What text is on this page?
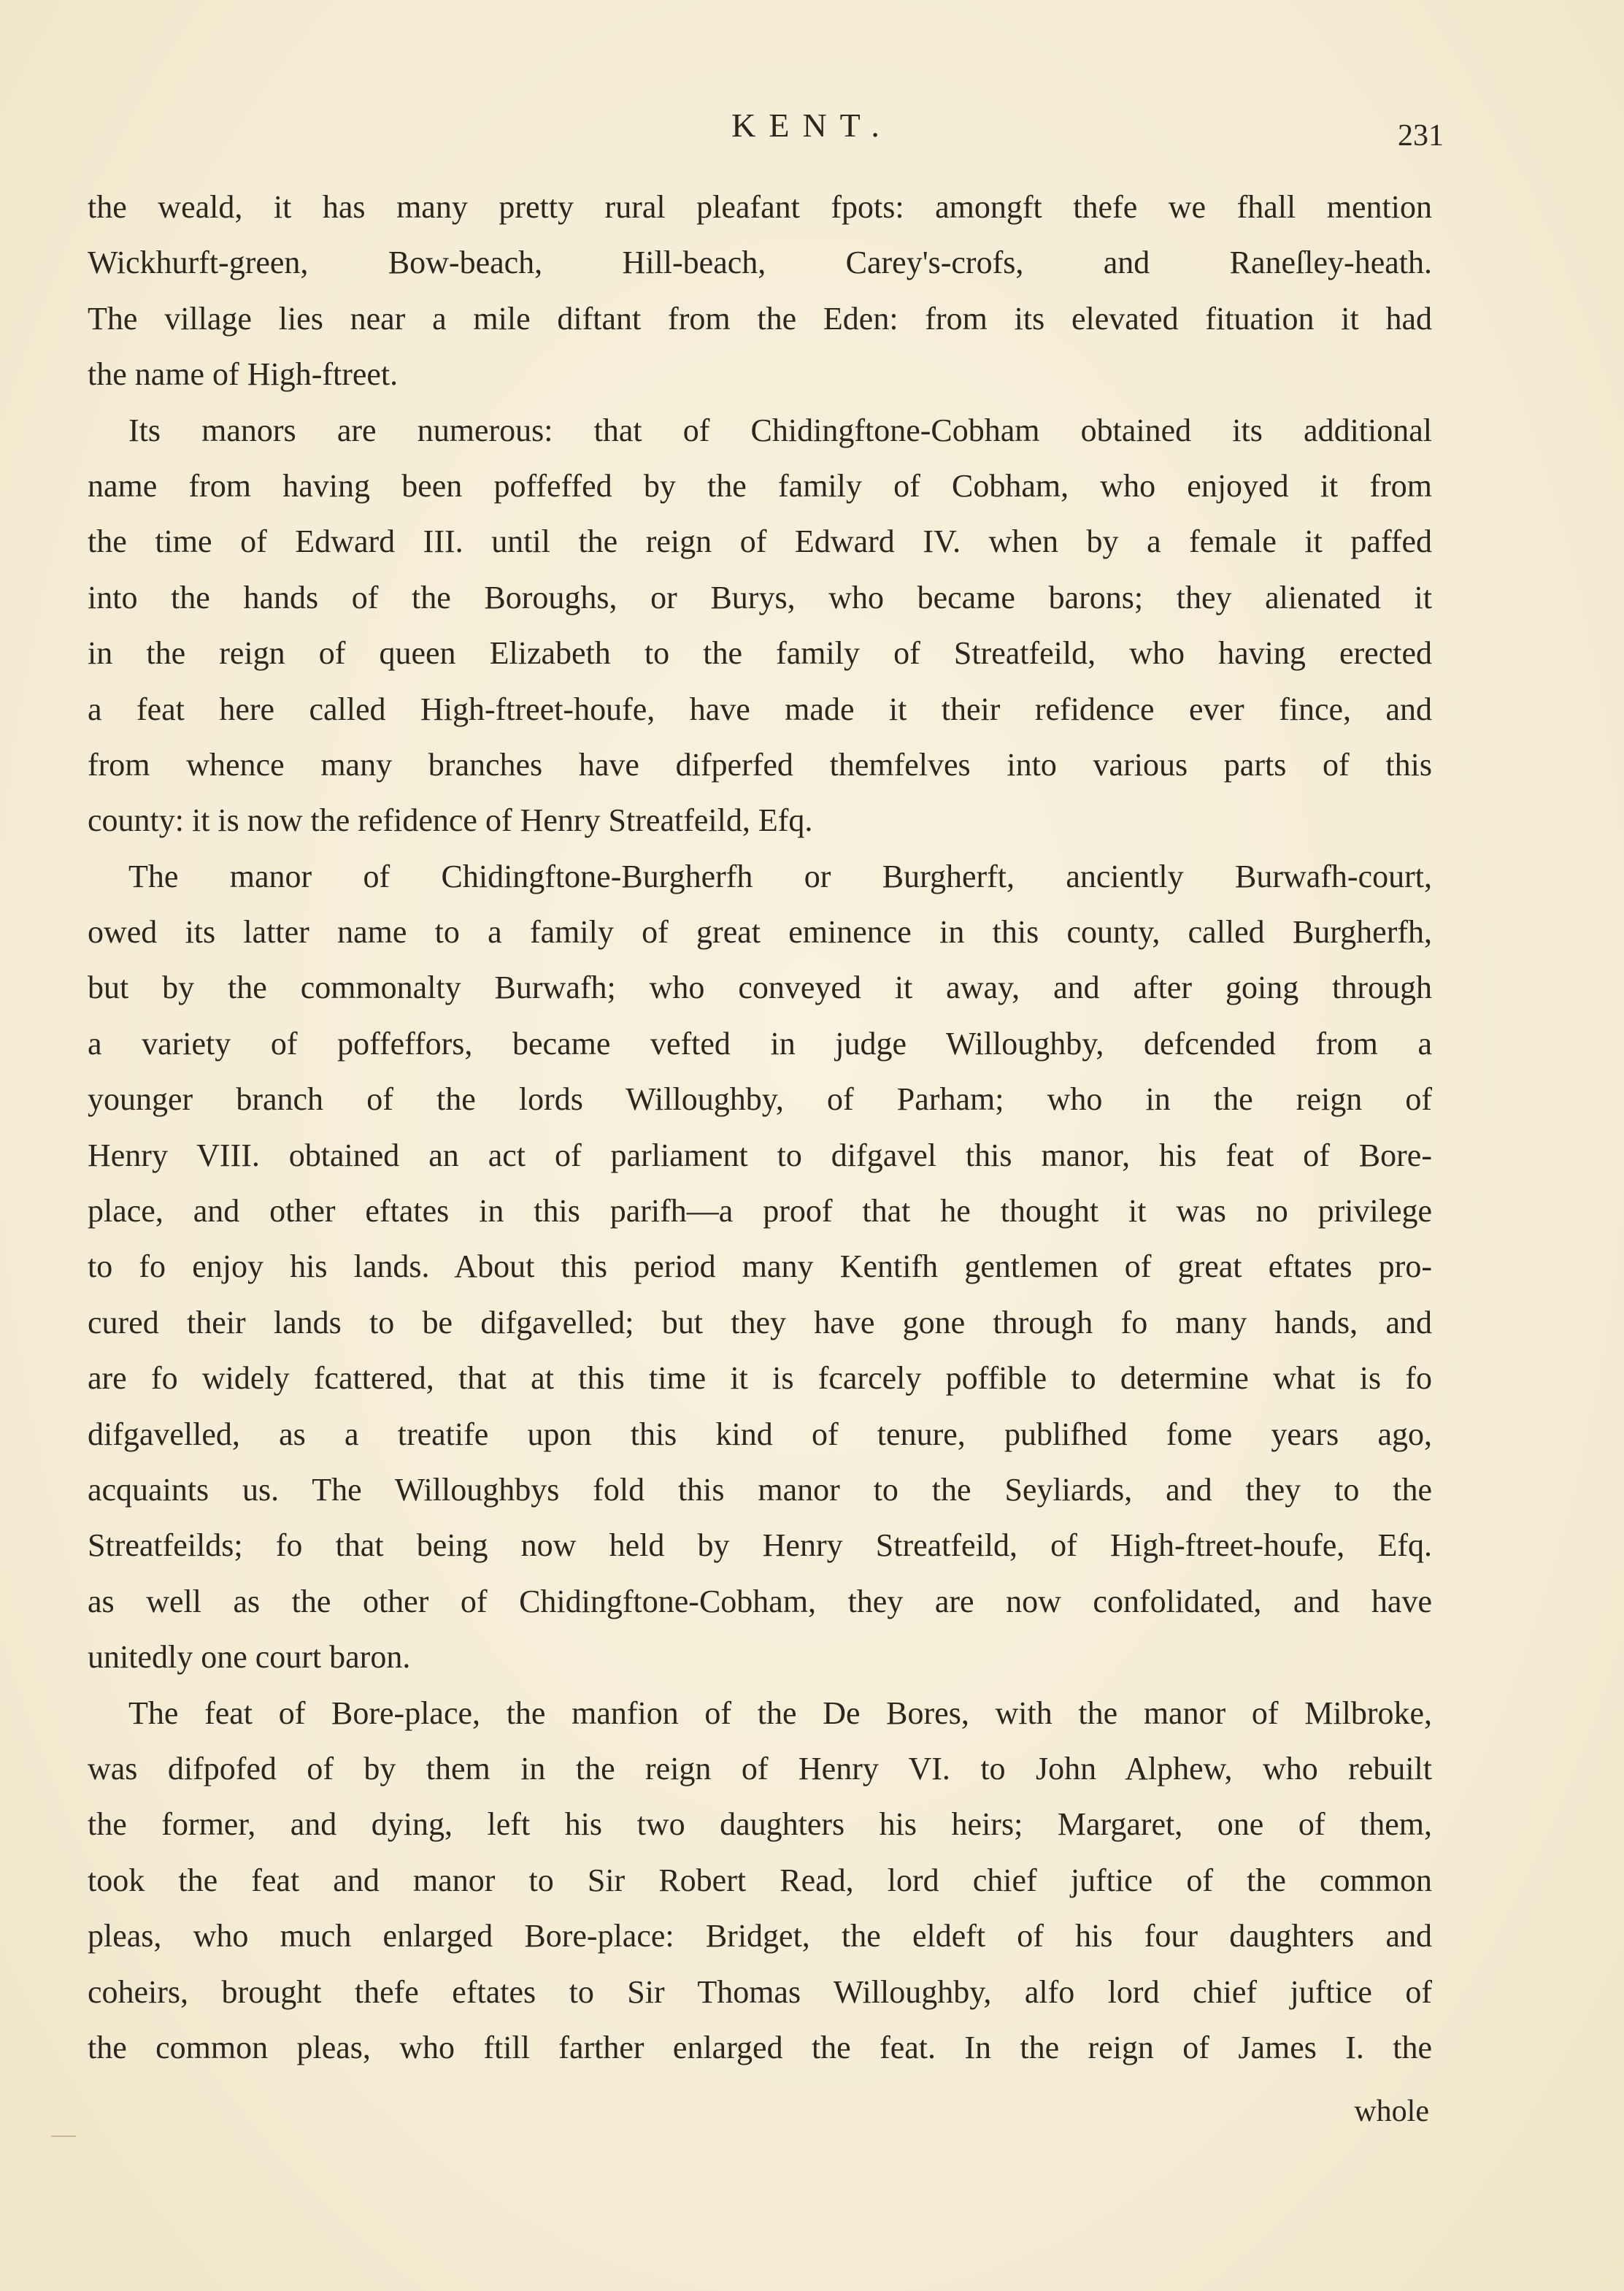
KENT.	231
the weald, it has many pretty rural pleafant fpots: amongft thefe we fhall mention
Wickhurft-green, Bow-beach, Hill-beach, Carey's-crofs, and Raneſley-heath.
The village lies near a mile diftant from the Eden: from its elevated fituation it had
the name of High-ftreet.
Its manors are numerous: that of Chidingftone-Cobham obtained its additional
name from having been poffeffed by the family of Cobham, who enjoyed it from
the time of Edward III. until the reign of Edward IV. when by a female it paffed
into the hands of the Boroughs, or Burys, who became barons; they alienated it
in the reign of queen Elizabeth to the family of Streatfeild, who having erected
a feat here called High-ftreet-houfe, have made it their refidence ever fince, and
from whence many branches have difperfed themfelves into various parts of this
county: it is now the refidence of Henry Streatfeild, Efq.
The manor of Chidingftone-Burgherfh or Burgherft, anciently Burwafh-court,
owed its latter name to a family of great eminence in this county, called Burgherfh,
but by the commonalty Burwafh; who conveyed it away, and after going through
a variety of poffeffors, became vefted in judge Willoughby, defcended from a
younger branch of the lords Willoughby, of Parham; who in the reign of
Henry VIII. obtained an act of parliament to difgavel this manor, his feat of Bore-
place, and other eftates in this parifh—a proof that he thought it was no privilege
to fo enjoy his lands. About this period many Kentifh gentlemen of great eftates pro-
cured their lands to be difgavelled; but they have gone through fo many hands, and
are fo widely fcattered, that at this time it is fcarcely poffible to determine what is fo
difgavelled, as a treatife upon this kind of tenure, publifhed fome years ago,
acquaints us. The Willoughbys fold this manor to the Seyliards, and they to the
Streatfeilds; fo that being now held by Henry Streatfeild, of High-ftreet-houfe, Efq.
as well as the other of Chidingftone-Cobham, they are now confolidated, and have
unitedly one court baron.
The feat of Bore-place, the manfion of the De Bores, with the manor of Milbroke,
was difpofed of by them in the reign of Henry VI. to John Alphew, who rebuilt
the former, and dying, left his two daughters his heirs; Margaret, one of them,
took the feat and manor to Sir Robert Read, lord chief juftice of the common
pleas, who much enlarged Bore-place: Bridget, the eldeft of his four daughters and
coheirs, brought thefe eftates to Sir Thomas Willoughby, alfo lord chief juftice of
the common pleas, who ftill farther enlarged the feat. In the reign of James I. the
whole
